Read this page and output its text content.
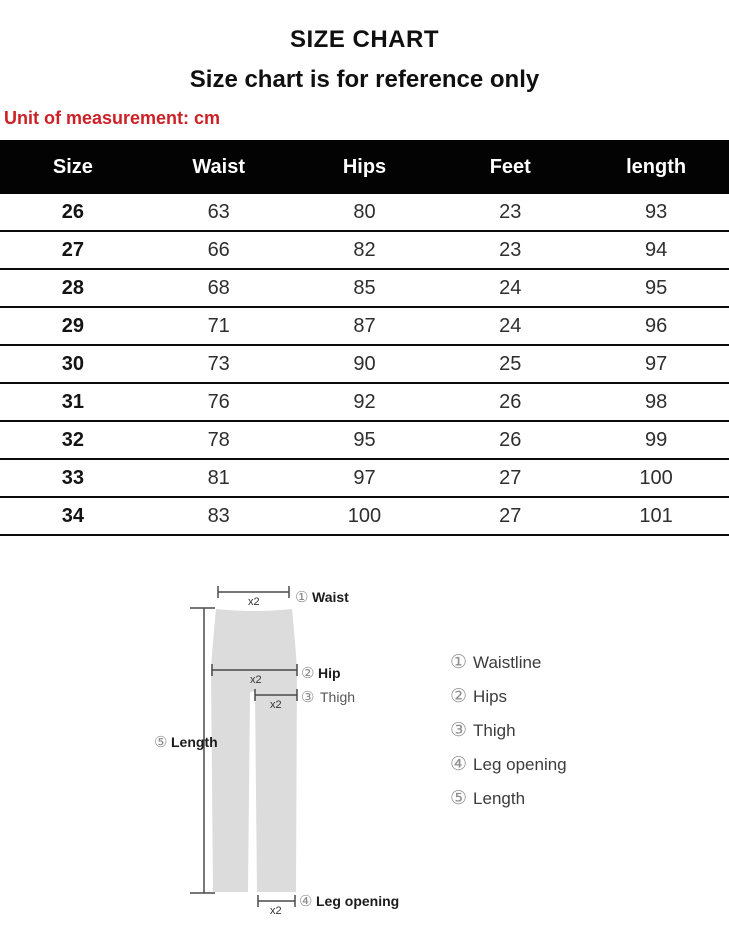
SIZE CHART
Size chart is for reference only
Unit of measurement: cm
Size	Waist	Hips	Feet	length
26	63	80	23	93
27	66	82	23	94
28	68	85	24	95
29	71	87	24	96
30	73	90	25	97
31	76	92	26	98
32	78	95	26	99
33	81	97	27	100
34	83	100	27	101
x2 ① Waist
⑤ Length
x2	② Hip
x2 ③ Thigh
x2
④ Leg opening
① Waistline
② Hips
③ Thigh
④ Leg opening
⑤ Length
